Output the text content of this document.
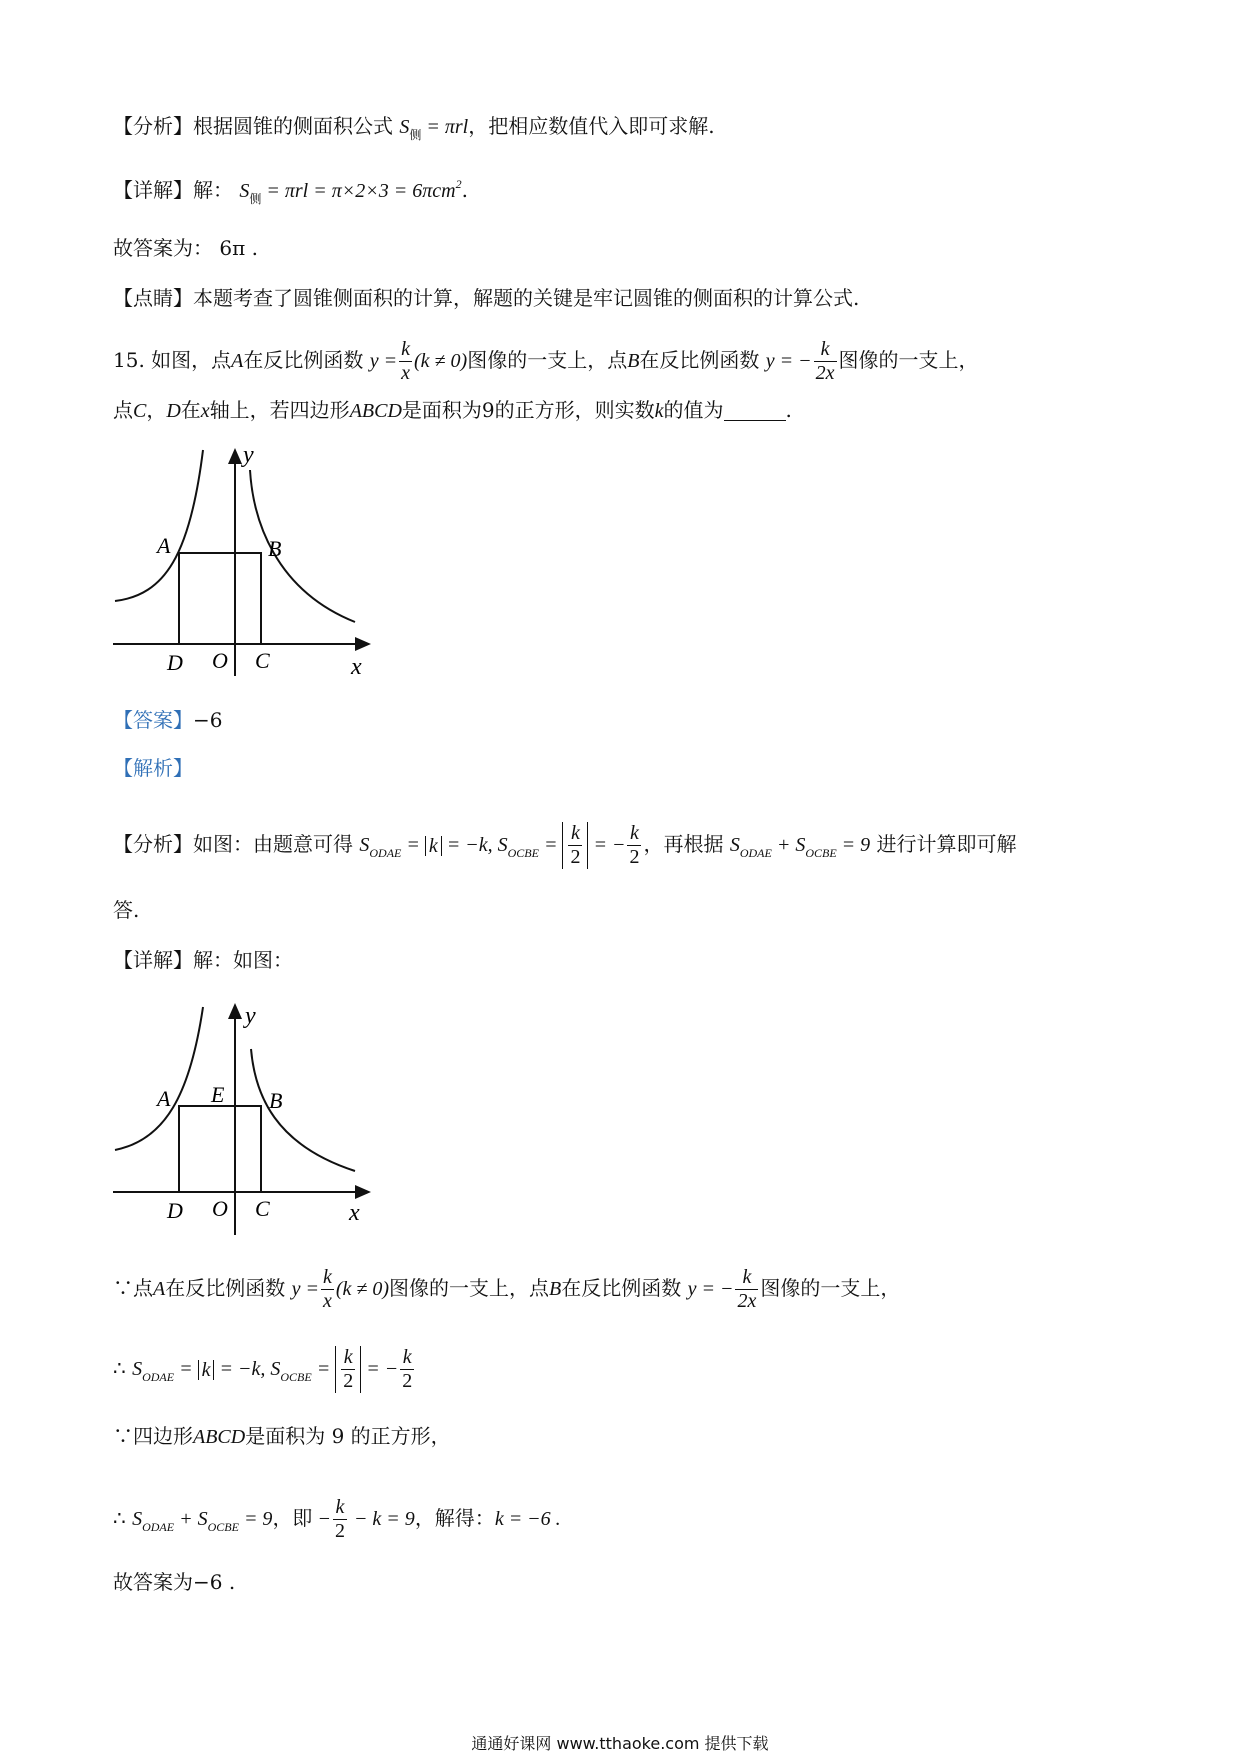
【分析】根据圆锥的侧面积公式 $S_侧 = \pi rl$，把相应数值代入即可求解.
【详解】解： $S_侧 = \pi rl = \pi\times 2\times 3 = 6\pi cm^2$.
故答案为： 6π .
【点睛】本题考查了圆锥侧面积的计算，解题的关键是牢记圆锥的侧面积的计算公式.
15. 如图，点A在反比例函数 $y = \frac{k}{x} (k \ne 0)$图像的一支上，点B在反比例函数 y = − $\frac{k}{2x}$ 图像的一支上，
点C，D在x轴上，若四边形ABCD是面积为9的正方形，则实数k的值为	.
y
x
A	B
D O C
【答案】−6
【解析】
【分析】如图：由题意可得 $S_{ODAE} = k = -k$, $S_{OCBE} = \frac{k}{2}$ = − $\frac{k}{2}$ ，再根据 $S_{ODAE} + S_{OCBE} = 9$ 进行计算即可解
答.
【详解】解：如图：
y
x
A E B
D O C
∵点A在反比例函数 $y = \frac{k}{x} (k \ne 0)$图像的一支上，点B在反比例函数 y = − $\frac{k}{2x}$ 图像的一支上，
∴ $S_{ODAE} = k = -k$, $S_{OCBE} = \frac{k}{2}$ = − $\frac{k}{2}$
∵四边形ABCD是面积为 9 的正方形，
∴ $S_{ODAE} + S_{OCBE} = 9$，即 − $\frac{k}{2} - k = 9$，解得：k = −6 .
故答案为−6 .
通通好课网 www.tthaoke.com 提供下载
